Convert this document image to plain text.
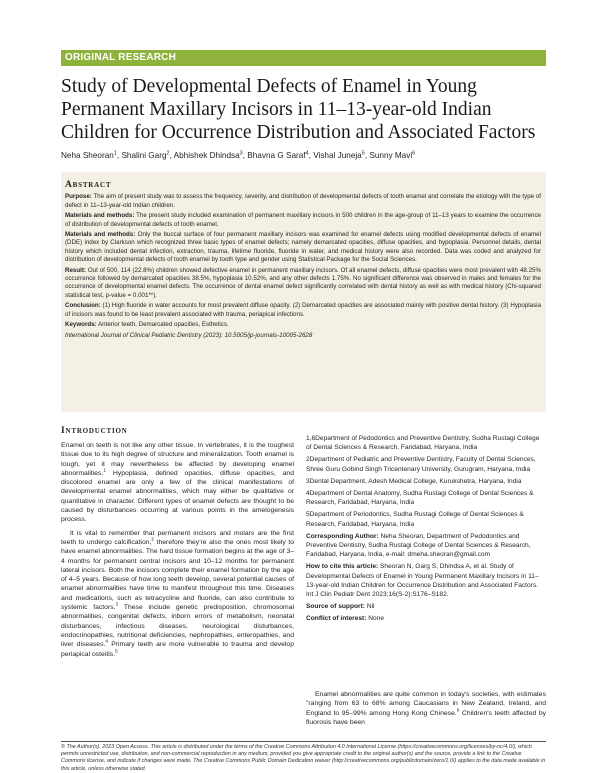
ORIGINAL RESEARCH
Study of Developmental Defects of Enamel in Young Permanent Maxillary Incisors in 11–13-year-old Indian Children for Occurrence Distribution and Associated Factors
Neha Sheoran$^1$, Shalini Garg$^2$, Abhishek Dhindsa$^3$, Bhavna G Saraf$^4$, Vishal Juneja$^5$, Sunny Mavi$^6$
Abstract

Purpose: The aim of present study was to assess the frequency, severity, and distribution of developmental defects of tooth enamel and correlate the etiology with the type of defect in 11–13-year-old Indian children.

Materials and methods: The present study included examination of permanent maxillary incisors in 500 children in the age-group of 11–13 years to examine the occurrence of distribution of developmental defects of tooth enamel.

Materials and methods: Only the buccal surface of four permanent maxillary incisors was examined for enamel defects using modified developmental defects of enamel (DDE) index by Clarkson which recognized three basic types of enamel defects; namely demarcated opacities, diffuse opacities, and hypoplasia. Personnel details, dental history which included dental infection, extraction, trauma, lifetime fluoride, fluoride in water, and medical history were also recorded. Data was coded and analyzed for distribution of developmental defects of tooth enamel by tooth type and gender using Statistical Package for the Social Sciences.

Result: Out of 500, 114 (22.8%) children showed defective enamel in permanent maxillary incisors. Of all enamel defects, diffuse opacities were most prevalent with 48.25% occurrence followed by demarcated opacities 38.5%, hypoplasia 10.52%, and any other defects 1.75%. No significant difference was observed in males and females for the occurrence of developmental enamel defects. The occurrence of dental enamel defect significantly correlated with dental history as well as with medical history (Chi-squared statistical test, p-value = 0.001**).

Conclusion: (1) High fluoride in water accounts for most prevalent diffuse opacity. (2) Demarcated opacities are associated mainly with positive dental history. (3) Hypoplasia of incisors was found to be least prevalent associated with trauma, periapical infections.

Keywords: Anterior teeth, Demarcated opacities, Esthetics.

International Journal of Clinical Pediatric Dentistry (2023): 10.5005/jp-journals-10005-2628

Introduction

Enamel on teeth is not like any other tissue. In vertebrates, it is the toughest tissue due to its high degree of structure and mineralization. Tooth enamel is tough, yet it may nevertheless be affected by developing enamel abnormalities.$^1$ Hypoplasia, defined opacities, diffuse opacities, and discolored enamel are only a few of the clinical manifestations of developmental enamel abnormalities, which may either be qualitative or quantitative in character. Different types of enamel defects are thought to be caused by disturbances occurring at various points in the amelogenesis process.

It is vital to remember that permanent incisors and molars are the first teeth to undergo calcification,$^2$ therefore they're also the ones most likely to have enamel abnormalities. The hard tissue formation begins at the age of 3–4 months for permanent central incisors and 10–12 months for permanent lateral incisors. Both the incisors complete their enamel formation by the age of 4–5 years. Because of how long teeth develop, several potential causes of enamel abnormalities have time to manifest throughout this time. Diseases and medications, such as tetracycline and fluoride, can also contribute to systemic factors.$^3$ These include genetic predisposition, chromosomal abnormalities, congenital defects, inborn errors of metabolism, neonatal disturbances, infectious diseases, neurological disturbances, endocrinopathies, nutritional deficiencies, nephropathies, enteropathies, and liver diseases.$^4$ Primary teeth are more vulnerable to trauma and develop periapical osteitis.$^5$

1,6Department of Pedodontics and Preventive Dentistry, Sudha Rustagi College of Dental Sciences & Research, Faridabad, Haryana, India

2Department of Pediatric and Preventive Dentistry, Faculty of Dental Sciences, Shree Guru Gobind Singh Tricentenary University, Gurugram, Haryana, India

3Dental Department, Adesh Medical College, Kurukshetra, Haryana, India

4Department of Dental Anatomy, Sudha Rustagi College of Dental Sciences & Research, Faridabad, Haryana, India

5Department of Periodontics, Sudha Rustagi College of Dental Sciences & Research, Faridabad, Haryana, India

Corresponding Author: Neha Sheoran, Department of Pedodontics and Preventive Dentistry, Sudha Rustagi College of Dental Sciences & Research, Faridabad, Haryana, India, e-mail: dmeha.sheoran@gmail.com

How to cite this article: Sheoran N, Garg S, Dhindsa A, et al. Study of Developmental Defects of Enamel in Young Permanent Maxillary Incisors in 11–13-year-old Indian Children for Occurrence Distribution and Associated Factors. Int J Clin Pediatr Dent 2023;16(S-2):S176–S182.

Source of support: Nil

Conflict of interest: None

Enamel abnormalities are quite common in today's societies, with estimates "ranging from 63 to 68% among Caucasians in New Zealand, Ireland, and England to 95–99% among Hong Kong Chinese.$^6$ Children's teeth affected by fluorosis have been
© The Author(s). 2023 Open Access. This article is distributed under the terms of the Creative Commons Attribution 4.0 International License (https://creativecommons.org/licenses/by-nc/4.0/), which permits unrestricted use, distribution, and non-commercial reproduction in any medium, provided you give appropriate credit to the original author(s) and the source, provide a link to the Creative Commons license, and indicate if changes were made. The Creative Commons Public Domain Dedication waiver (http://creativecommons.org/publicdomain/zero/1.0/) applies to the data made available in this article, unless otherwise stated.
